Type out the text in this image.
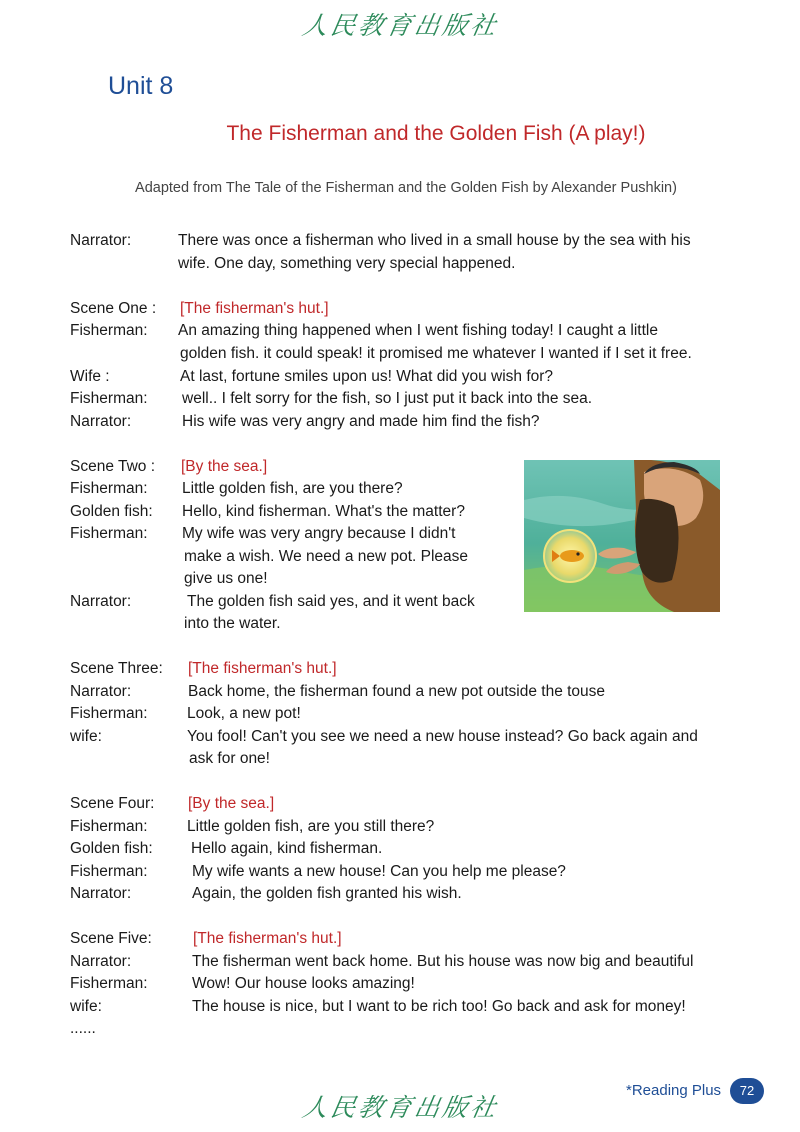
人民教育出版社
Unit 8
The Fisherman and the Golden Fish (A play!)
Adapted from The Tale of the Fisherman and the Golden Fish by Alexander Pushkin)
Narrator:	There was once a fisherman who lived in a small house by the sea with his
wife. One day, something very special happened.
Scene One : [The fisherman's hut.]
Fisherman: An amazing thing happened when I went fishing today! I caught a little
golden fish. it could speak! it promised me whatever I wanted if I set it free.
Wife :	At last, fortune smiles upon us! What did you wish for?
Fisherman: well.. I felt sorry for the fish, so I just put it back into the sea.
Narrator:	His wife was very angry and made him find the fish?
Scene Two : [By the sea.]
Fisherman: Little golden fish, are you there?
Golden fish: Hello, kind fisherman. What's the matter?
Fisherman: My wife was very angry because I didn't
make a wish. We need a new pot. Please
give us one!
Narrator:	The golden fish said yes, and it went back
into the water.
Scene Three: [The fisherman's hut.]
Narrator:	Back home, the fisherman found a new pot outside the touse
Fisherman:	Look, a new pot!
wife:	You fool! Can't you see we need a new house instead? Go back again and
ask for one!
Scene Four: [By the sea.]
Fisherman:	Little golden fish, are you still there?
Golden fish: Hello again, kind fisherman.
Fisherman:	My wife wants a new house! Can you help me please?
Narrator:	Again, the golden fish granted his wish.
Scene Five:	[The fisherman's hut.]
Narrator:	The fisherman went back home. But his house was now big and beautiful
Fisherman:	Wow! Our house looks amazing!
wife:	The house is nice, but I want to be rich too! Go back and ask for money!
......
*Reading Plus	72
人民教育出版社
